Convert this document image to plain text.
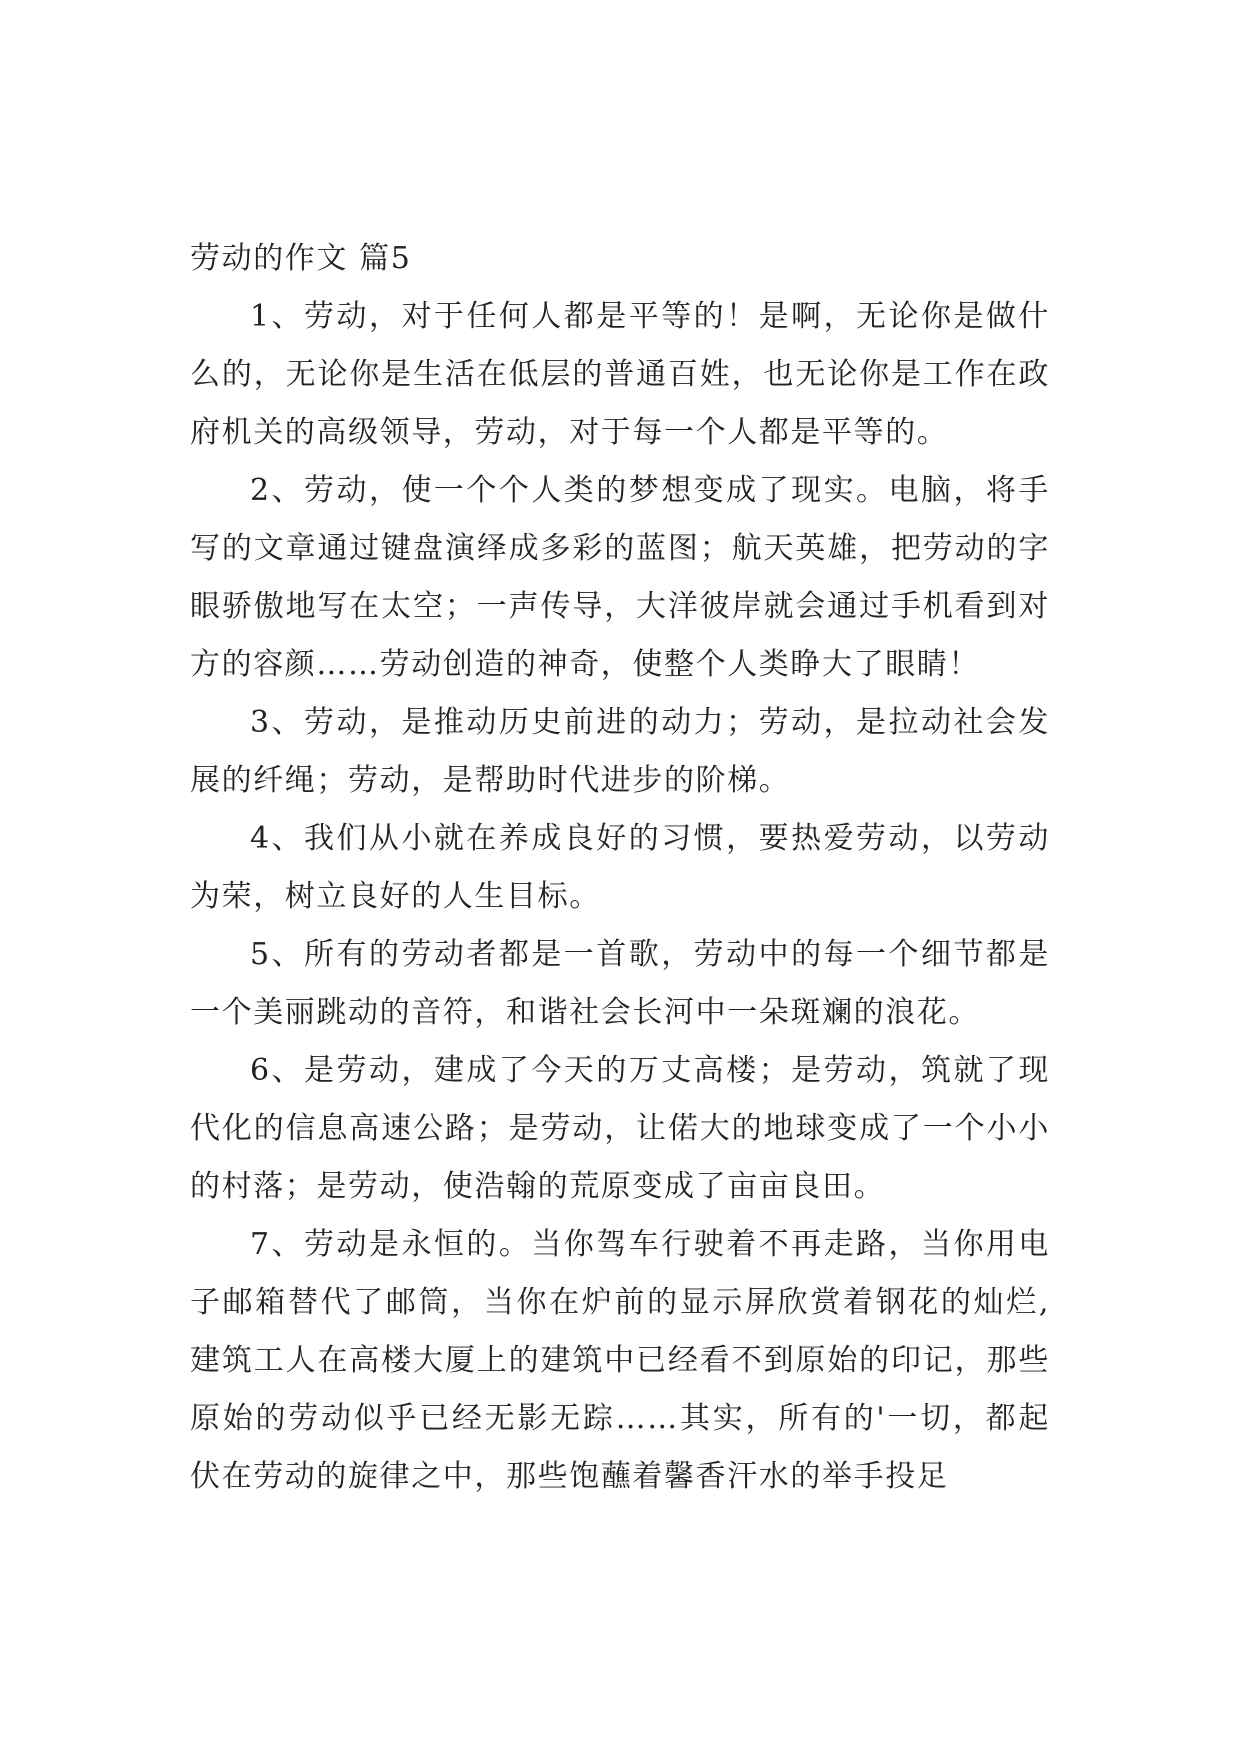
劳动的作文 篇5

1、劳动，对于任何人都是平等的！是啊，无论你是做什么的，无论你是生活在低层的普通百姓，也无论你是工作在政府机关的高级领导，劳动，对于每一个人都是平等的。

2、劳动，使一个个人类的梦想变成了现实。电脑，将手写的文章通过键盘演绎成多彩的蓝图；航天英雄，把劳动的字眼骄傲地写在太空；一声传导，大洋彼岸就会通过手机看到对方的容颜……劳动创造的神奇，使整个人类睁大了眼睛！

3、劳动，是推动历史前进的动力；劳动，是拉动社会发展的纤绳；劳动，是帮助时代进步的阶梯。

4、我们从小就在养成良好的习惯，要热爱劳动，以劳动为荣，树立良好的人生目标。

5、所有的劳动者都是一首歌，劳动中的每一个细节都是一个美丽跳动的音符，和谐社会长河中一朵斑斓的浪花。

6、是劳动，建成了今天的万丈高楼；是劳动，筑就了现代化的信息高速公路；是劳动，让偌大的地球变成了一个小小的村落；是劳动，使浩翰的荒原变成了亩亩良田。

7、劳动是永恒的。当你驾车行驶着不再走路，当你用电子邮箱替代了邮筒，当你在炉前的显示屏欣赏着钢花的灿烂,建筑工人在高楼大厦上的建筑中已经看不到原始的印记，那些原始的劳动似乎已经无影无踪……其实，所有的'一切，都起伏在劳动的旋律之中，那些饱蘸着馨香汗水的举手投足
